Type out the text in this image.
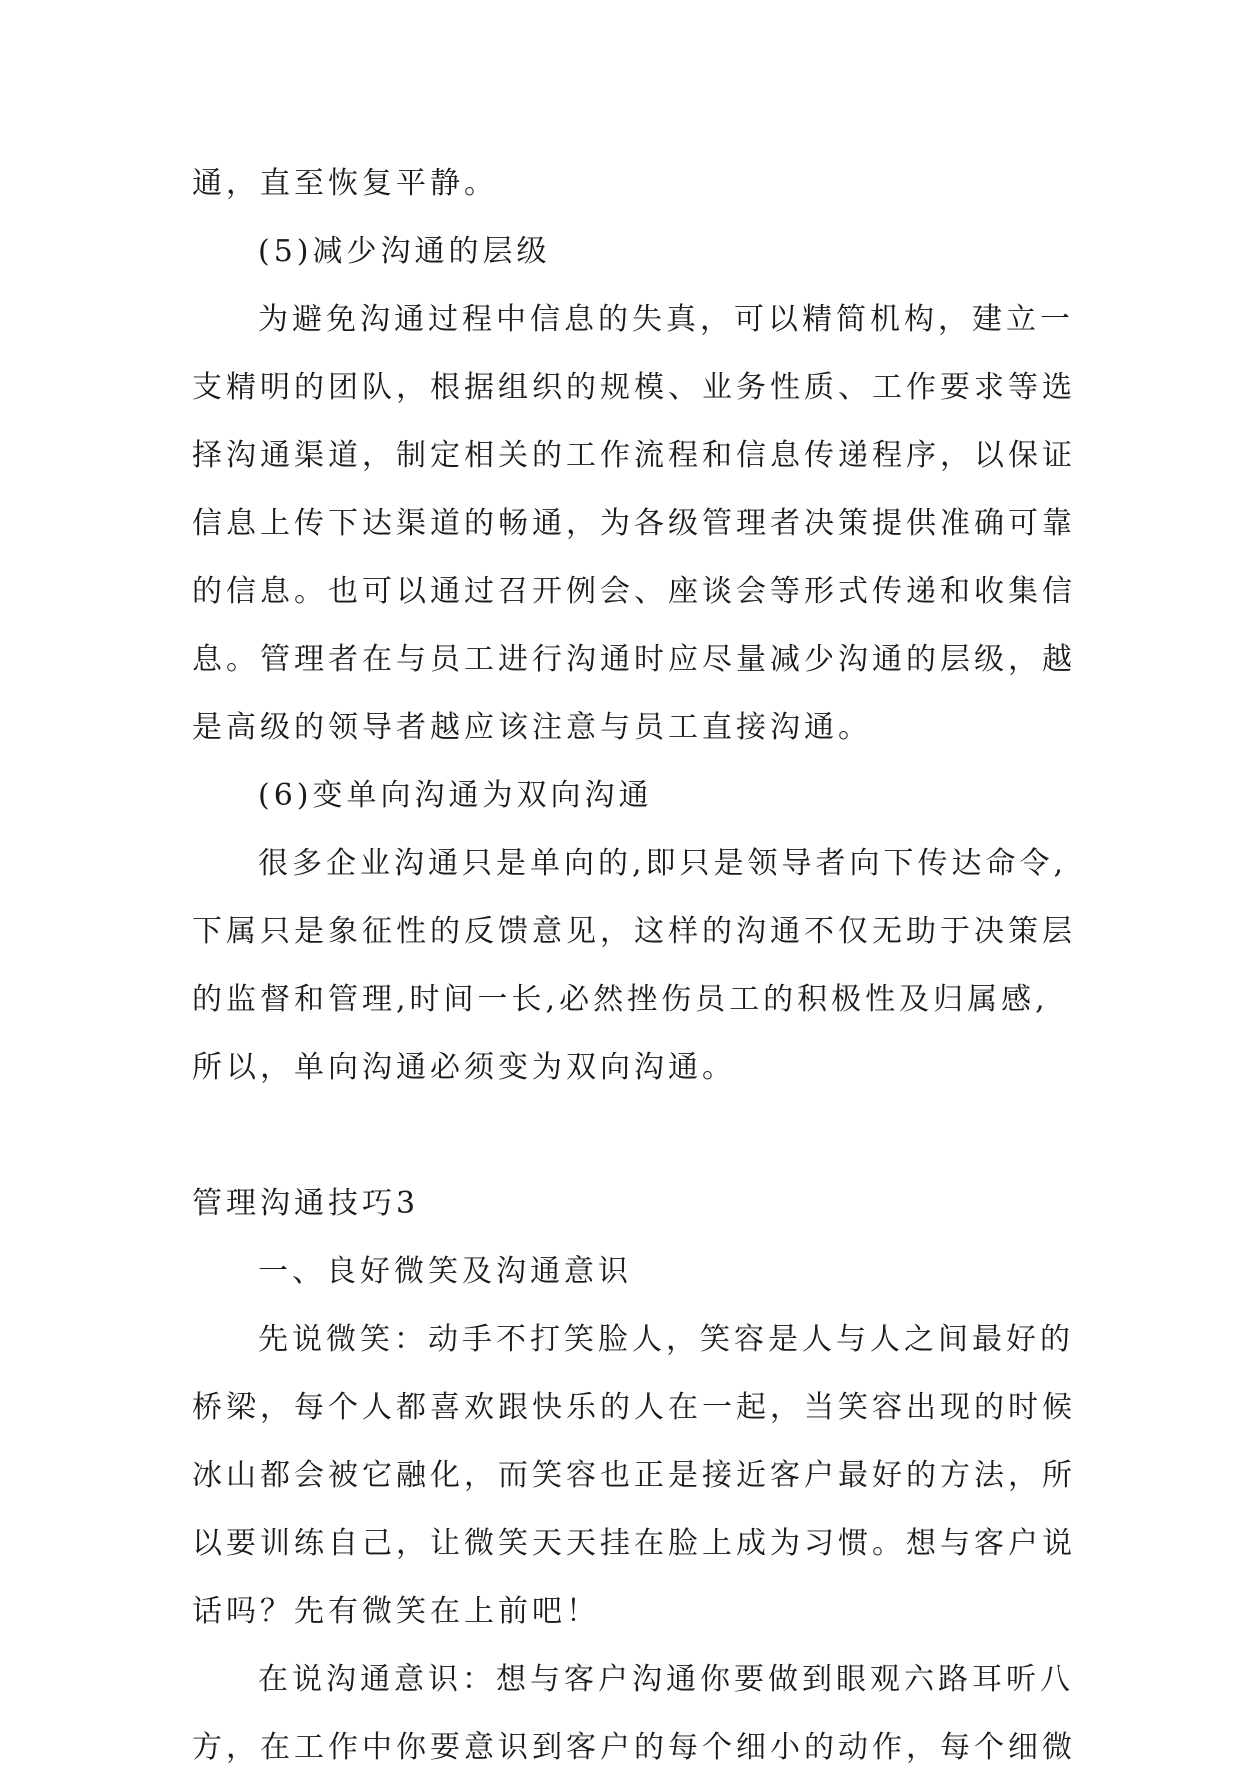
通，直至恢复平静。

(5)减少沟通的层级

为避免沟通过程中信息的失真，可以精简机构，建立一

支精明的团队，根据组织的规模、业务性质、工作要求等选

择沟通渠道，制定相关的工作流程和信息传递程序，以保证

信息上传下达渠道的畅通，为各级管理者决策提供准确可靠

的信息。也可以通过召开例会、座谈会等形式传递和收集信

息。管理者在与员工进行沟通时应尽量减少沟通的层级，越

是高级的领导者越应该注意与员工直接沟通。

(6)变单向沟通为双向沟通

很多企业沟通只是单向的,即只是领导者向下传达命令,

下属只是象征性的反馈意见，这样的沟通不仅无助于决策层

的监督和管理,时间一长,必然挫伤员工的积极性及归属感,

所以，单向沟通必须变为双向沟通。

管理沟通技巧3

一、良好微笑及沟通意识

先说微笑：动手不打笑脸人，笑容是人与人之间最好的

桥梁，每个人都喜欢跟快乐的人在一起，当笑容出现的时候

冰山都会被它融化，而笑容也正是接近客户最好的方法，所

以要训练自己，让微笑天天挂在脸上成为习惯。想与客户说

话吗？先有微笑在上前吧！

在说沟通意识：想与客户沟通你要做到眼观六路耳听八

方，在工作中你要意识到客户的每个细小的动作，每个细微
